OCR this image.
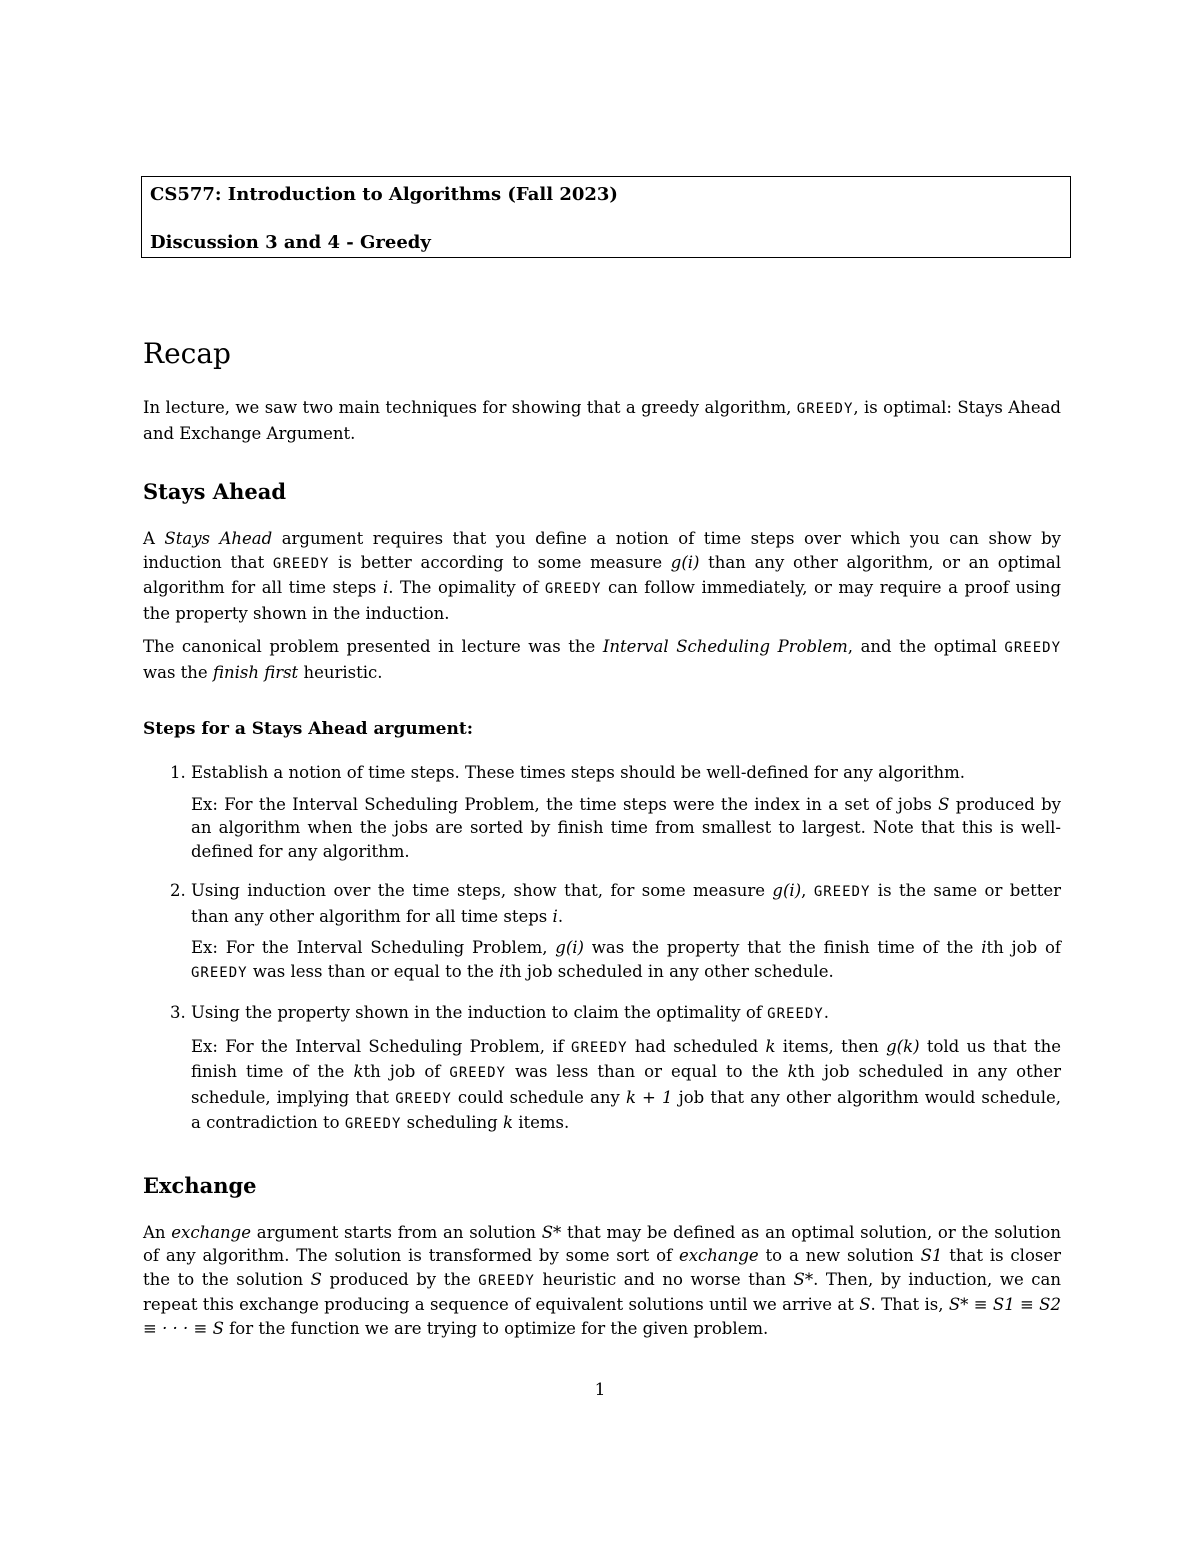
CS577: Introduction to Algorithms (Fall 2023)
Discussion 3 and 4 - Greedy
Recap

In lecture, we saw two main techniques for showing that a greedy algorithm, GREEDY, is optimal: Stays Ahead and Exchange Argument.

Stays Ahead

A Stays Ahead argument requires that you define a notion of time steps over which you can show by induction that GREEDY is better according to some measure g(i) than any other algorithm, or an optimal algorithm for all time steps i. The opimality of GREEDY can follow immediately, or may require a proof using the property shown in the induction.

The canonical problem presented in lecture was the Interval Scheduling Problem, and the optimal GREEDY was the finish first heuristic.

Steps for a Stays Ahead argument:

1. Establish a notion of time steps. These times steps should be well-defined for any algorithm.

Ex: For the Interval Scheduling Problem, the time steps were the index in a set of jobs S produced by an algorithm when the jobs are sorted by finish time from smallest to largest. Note that this is well-defined for any algorithm.

2. Using induction over the time steps, show that, for some measure g(i), GREEDY is the same or better than any other algorithm for all time steps i.

Ex: For the Interval Scheduling Problem, g(i) was the property that the finish time of the ith job of GREEDY was less than or equal to the ith job scheduled in any other schedule.

3. Using the property shown in the induction to claim the optimality of GREEDY.

Ex: For the Interval Scheduling Problem, if GREEDY had scheduled k items, then g(k) told us that the finish time of the kth job of GREEDY was less than or equal to the kth job scheduled in any other schedule, implying that GREEDY could schedule any k + 1 job that any other algorithm would schedule, a contradiction to GREEDY scheduling k items.

Exchange

An exchange argument starts from an solution S* that may be defined as an optimal solution, or the solution of any algorithm. The solution is transformed by some sort of exchange to a new solution S1 that is closer the to the solution S produced by the GREEDY heuristic and no worse than S*. Then, by induction, we can repeat this exchange producing a sequence of equivalent solutions until we arrive at S. That is, S* ≡ S1 ≡ S2 ≡ · · · ≡ S for the function we are trying to optimize for the given problem.

1
